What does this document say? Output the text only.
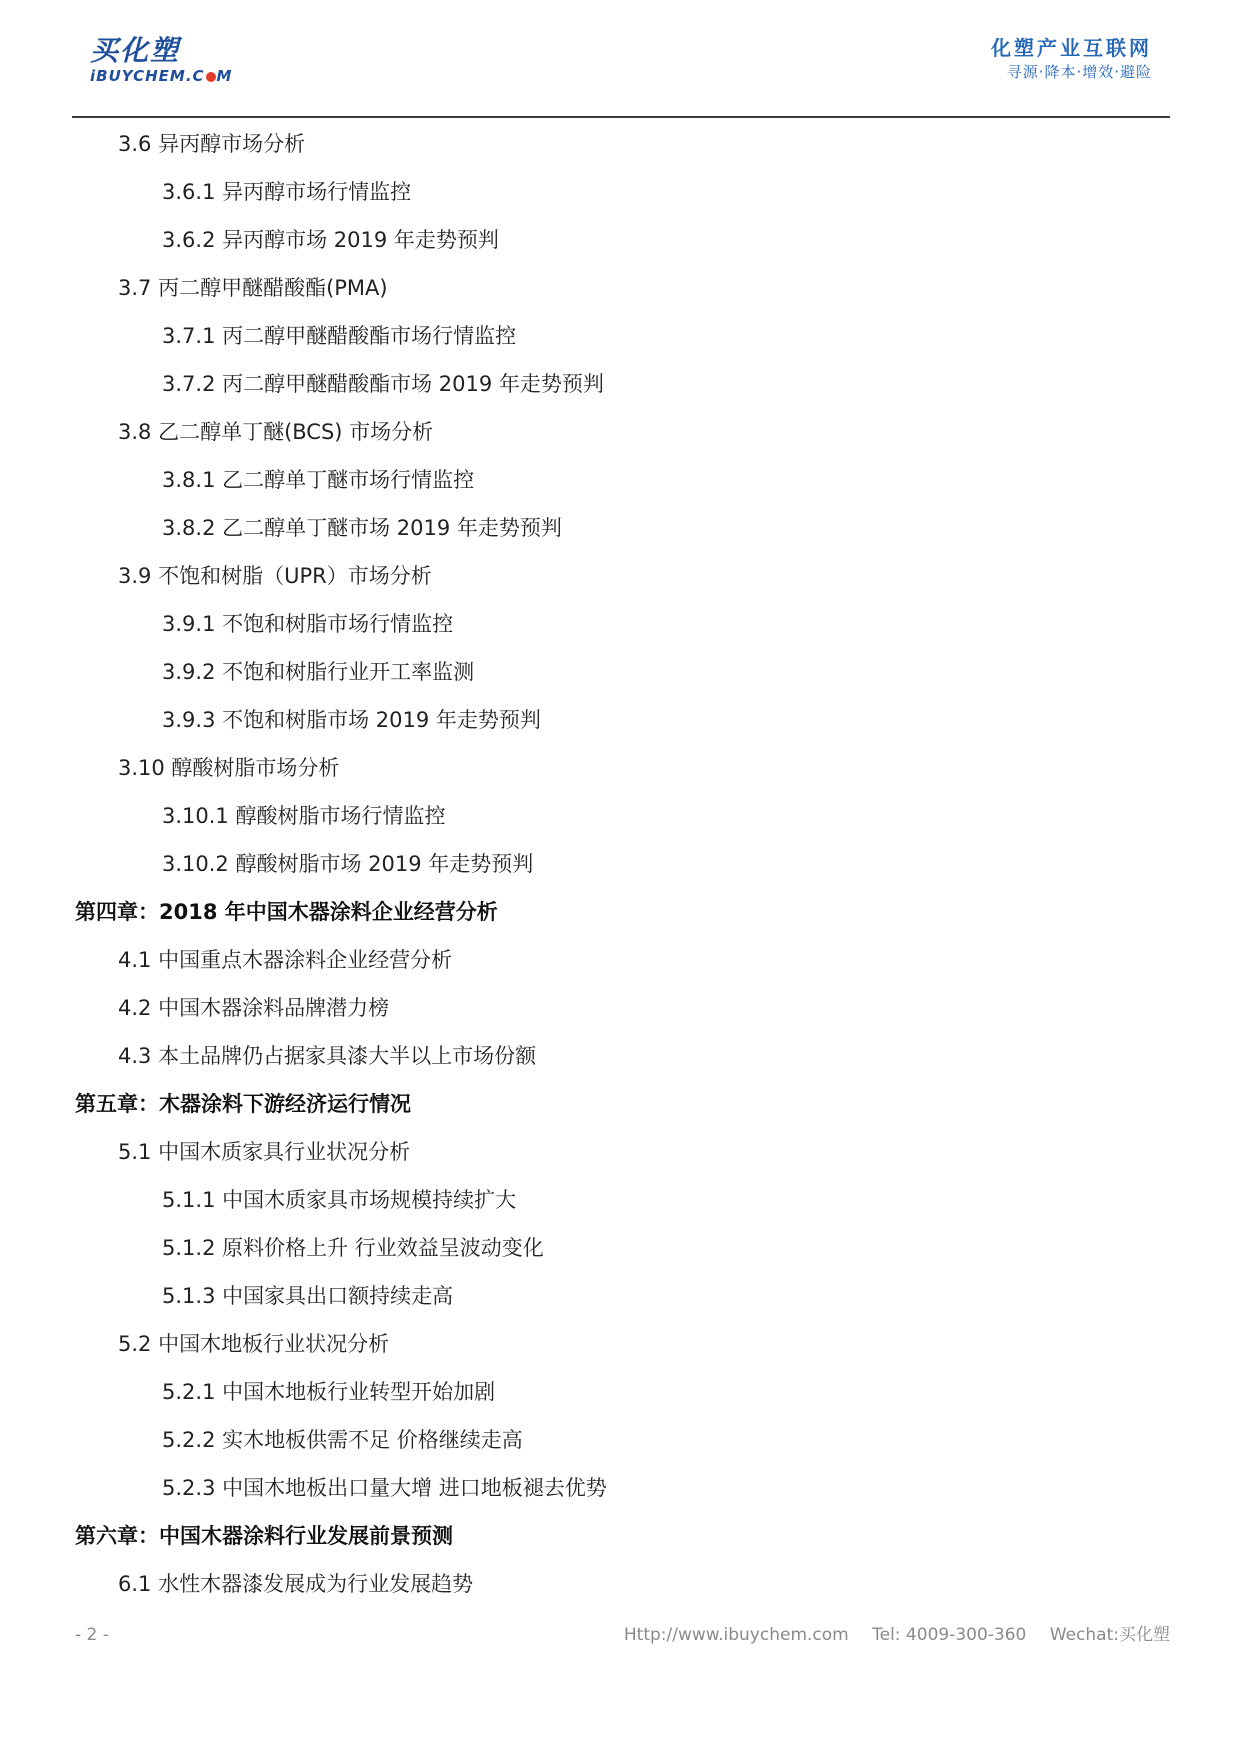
买化塑
iBUYCHEM.C M
化塑产业互联网
寻源·降本·增效·避险
3.6 异丙醇市场分析
3.6.1 异丙醇市场行情监控
3.6.2 异丙醇市场 2019 年走势预判
3.7 丙二醇甲醚醋酸酯(PMA)
3.7.1 丙二醇甲醚醋酸酯市场行情监控
3.7.2 丙二醇甲醚醋酸酯市场 2019 年走势预判
3.8 乙二醇单丁醚(BCS) 市场分析
3.8.1 乙二醇单丁醚市场行情监控
3.8.2 乙二醇单丁醚市场 2019 年走势预判
3.9 不饱和树脂（UPR）市场分析
3.9.1 不饱和树脂市场行情监控
3.9.2 不饱和树脂行业开工率监测
3.9.3 不饱和树脂市场 2019 年走势预判
3.10 醇酸树脂市场分析
3.10.1 醇酸树脂市场行情监控
3.10.2 醇酸树脂市场 2019 年走势预判
第四章：2018 年中国木器涂料企业经营分析
4.1 中国重点木器涂料企业经营分析
4.2 中国木器涂料品牌潜力榜
4.3 本土品牌仍占据家具漆大半以上市场份额
第五章：木器涂料下游经济运行情况
5.1 中国木质家具行业状况分析
5.1.1 中国木质家具市场规模持续扩大
5.1.2 原料价格上升 行业效益呈波动变化
5.1.3 中国家具出口额持续走高
5.2 中国木地板行业状况分析
5.2.1 中国木地板行业转型开始加剧
5.2.2 实木地板供需不足 价格继续走高
5.2.3 中国木地板出口量大增 进口地板褪去优势
第六章：中国木器涂料行业发展前景预测
6.1 水性木器漆发展成为行业发展趋势
- 2 -	Http://www.ibuychem.com Tel: 4009-300-360 Wechat:买化塑
